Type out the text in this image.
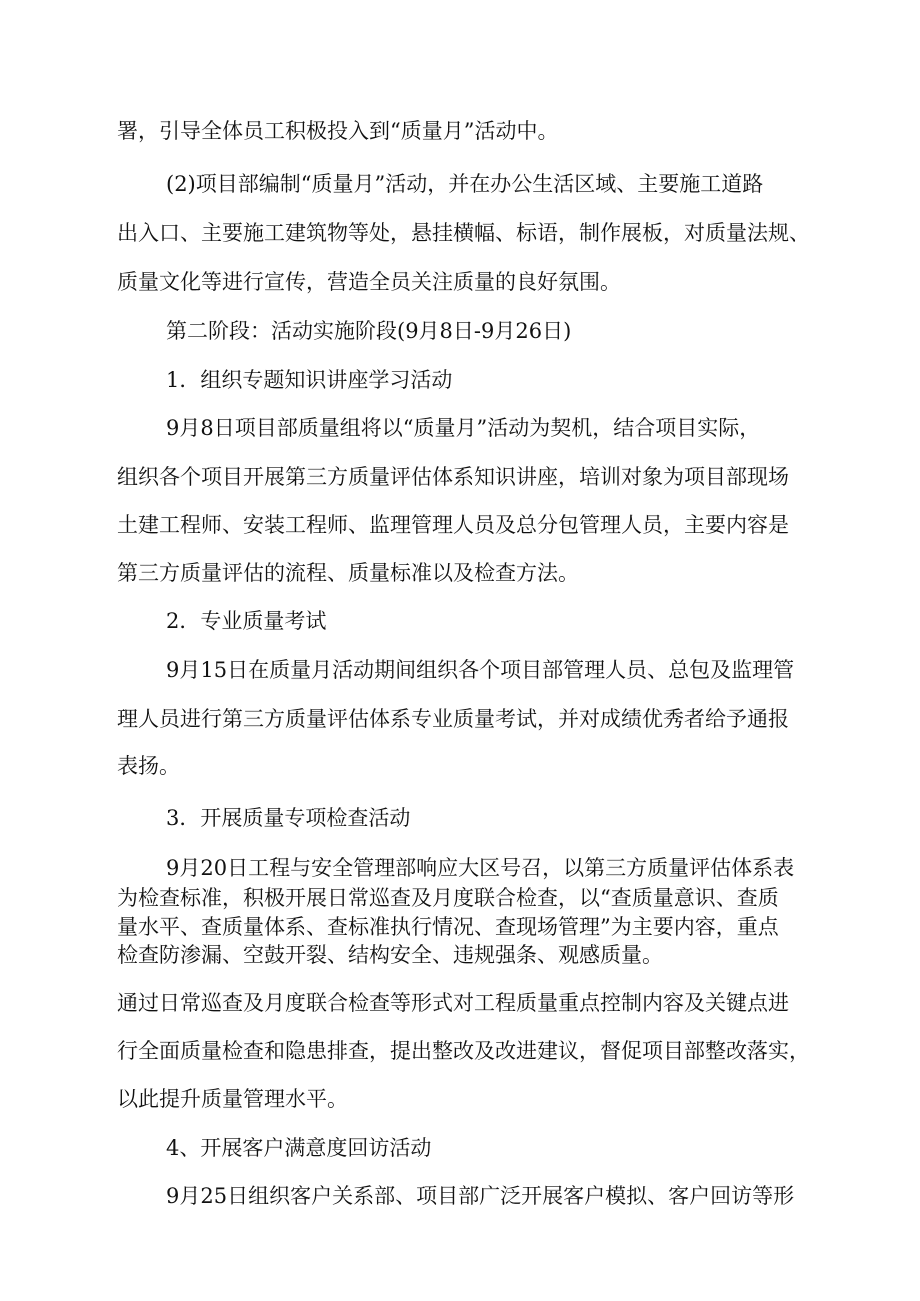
署，引导全体员工积极投入到“质量月”活动中。

(2)项目部编制“质量月”活动，并在办公生活区域、主要施工道路

出入口、主要施工建筑物等处，悬挂横幅、标语，制作展板，对质量法规、

质量文化等进行宣传，营造全员关注质量的良好氛围。

第二阶段：活动实施阶段(9月8日-9月26日)

1．组织专题知识讲座学习活动

9月8日项目部质量组将以“质量月”活动为契机，结合项目实际，

组织各个项目开展第三方质量评估体系知识讲座，培训对象为项目部现场

土建工程师、安装工程师、监理管理人员及总分包管理人员，主要内容是

第三方质量评估的流程、质量标准以及检查方法。

2．专业质量考试

9月15日在质量月活动期间组织各个项目部管理人员、总包及监理管

理人员进行第三方质量评估体系专业质量考试，并对成绩优秀者给予通报

表扬。

3．开展质量专项检查活动

9月20日工程与安全管理部响应大区号召，以第三方质量评估体系表

为检查标准，积极开展日常巡查及月度联合检查，以“查质量意识、查质

量水平、查质量体系、查标准执行情况、查现场管理”为主要内容，重点

检查防渗漏、空鼓开裂、结构安全、违规强条、观感质量。

通过日常巡查及月度联合检查等形式对工程质量重点控制内容及关键点进

行全面质量检查和隐患排查，提出整改及改进建议，督促项目部整改落实，

以此提升质量管理水平。

4、开展客户满意度回访活动

9月25日组织客户关系部、项目部广泛开展客户模拟、客户回访等形
